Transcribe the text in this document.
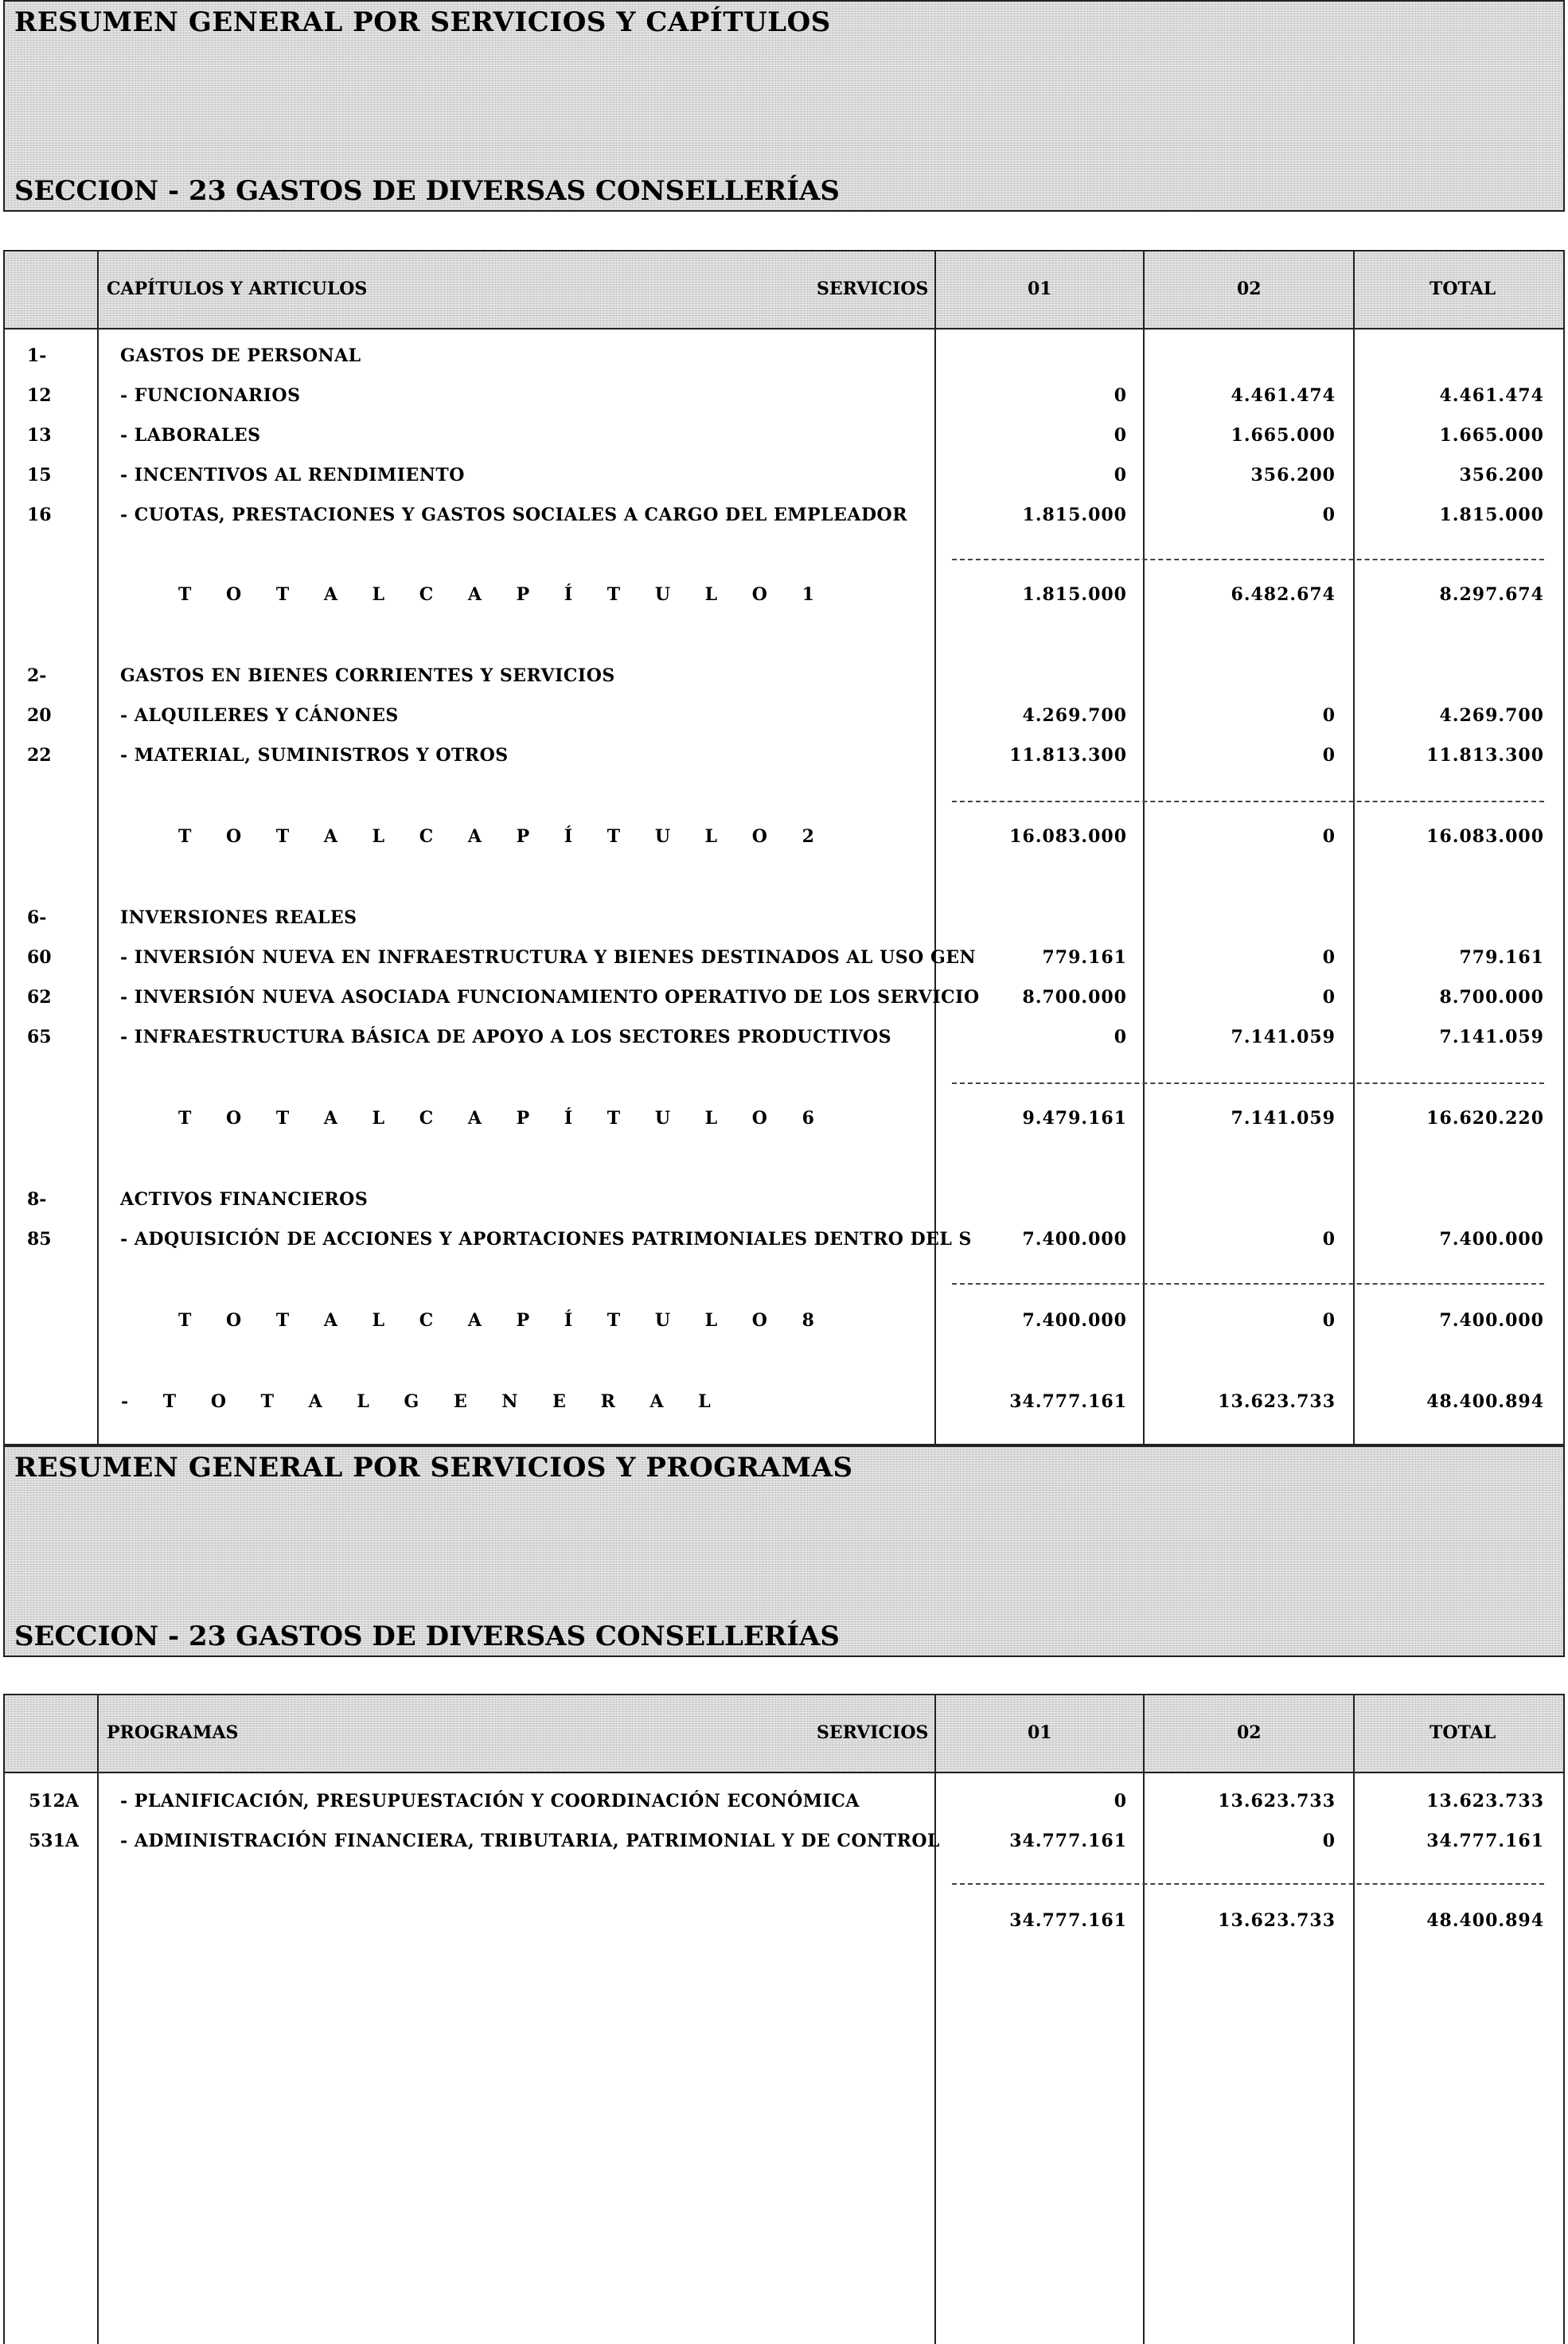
RESUMEN GENERAL POR SERVICIOS Y CAPÍTULOS
SECCION - 23 GASTOS DE DIVERSAS CONSELLERÍAS
CAPÍTULOS Y ARTICULOS	SERVICIOS	01	02	TOTAL
1-	GASTOS DE PERSONAL
12	- FUNCIONARIOS	0	4.461.474	4.461.474
13	- LABORALES	0	1.665.000	1.665.000
15	- INCENTIVOS AL RENDIMIENTO	0	356.200	356.200
16	- CUOTAS, PRESTACIONES Y GASTOS SOCIALES A CARGO DEL EMPLEADOR	1.815.000	0	1.815.000
T O T A L C A P Í T U L O 1	1.815.000	6.482.674	8.297.674
2-	GASTOS EN BIENES CORRIENTES Y SERVICIOS
20	- ALQUILERES Y CÁNONES	4.269.700	0	4.269.700
22	- MATERIAL, SUMINISTROS Y OTROS	11.813.300	0	11.813.300
T O T A L C A P Í T U L O 2	16.083.000	0	16.083.000
6-	INVERSIONES REALES
60	- INVERSIÓN NUEVA EN INFRAESTRUCTURA Y BIENES DESTINADOS AL USO GEN	779.161	0	779.161
62	- INVERSIÓN NUEVA ASOCIADA FUNCIONAMIENTO OPERATIVO DE LOS SERVICIO	8.700.000	0	8.700.000
65	- INFRAESTRUCTURA BÁSICA DE APOYO A LOS SECTORES PRODUCTIVOS	0	7.141.059	7.141.059
T O T A L C A P Í T U L O 6	9.479.161	7.141.059	16.620.220
8-	ACTIVOS FINANCIEROS
85	- ADQUISICIÓN DE ACCIONES Y APORTACIONES PATRIMONIALES DENTRO DEL S	7.400.000	0	7.400.000
T O T A L C A P Í T U L O 8	7.400.000	0	7.400.000
- T O T A L G E N E R A L	34.777.161	13.623.733	48.400.894
RESUMEN GENERAL POR SERVICIOS Y PROGRAMAS
SECCION - 23 GASTOS DE DIVERSAS CONSELLERÍAS
PROGRAMAS	SERVICIOS	01	02	TOTAL
512A - PLANIFICACIÓN, PRESUPUESTACIÓN Y COORDINACIÓN ECONÓMICA	0	13.623.733	13.623.733
531A - ADMINISTRACIÓN FINANCIERA, TRIBUTARIA, PATRIMONIAL Y DE CONTROL	34.777.161	0	34.777.161
34.777.161	13.623.733	48.400.894
